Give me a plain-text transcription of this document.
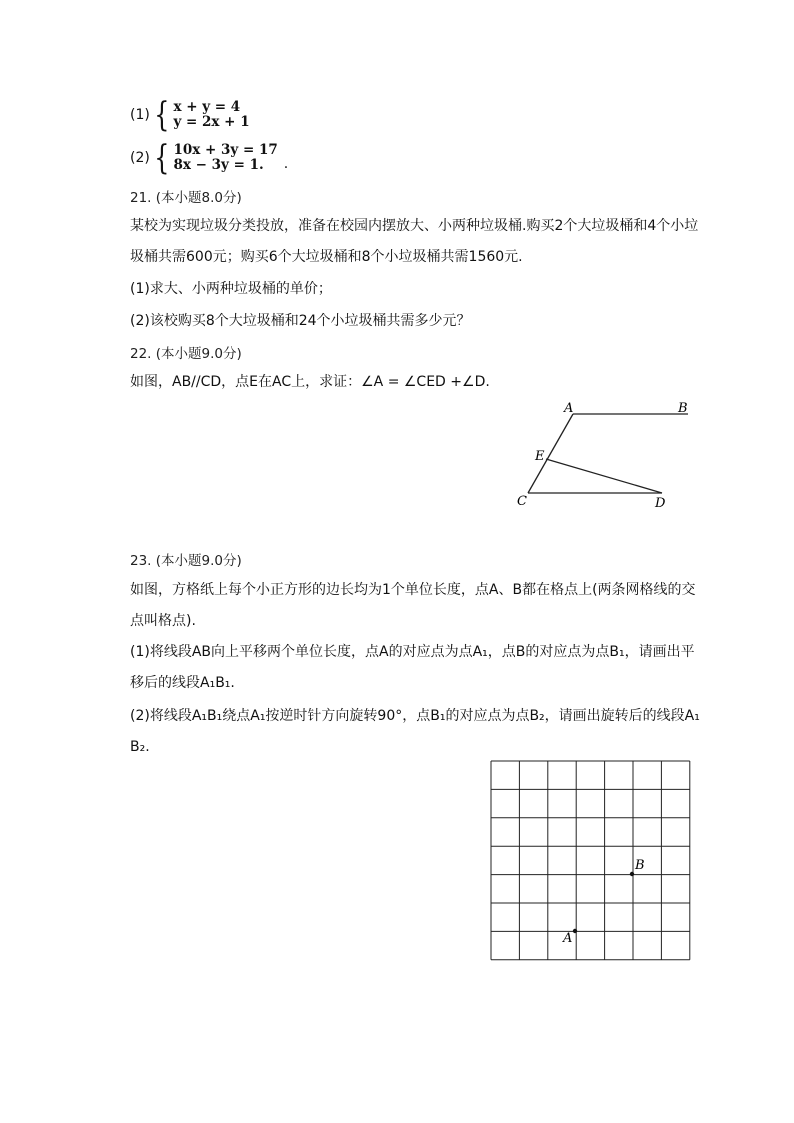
(1) { x + y = 4
y = 2x + 1
(2) { 10x + 3y = 17
8x − 3y = 1.	.
21. (本小题8.0分)
某校为实现垃圾分类投放，准备在校园内摆放大、小两种垃圾桶.购买2个大垃圾桶和4个小垃
圾桶共需600元；购买6个大垃圾桶和8个小垃圾桶共需1560元.
(1)求大、小两种垃圾桶的单价；
(2)该校购买8个大垃圾桶和24个小垃圾桶共需多少元？
22. (本小题9.0分)
如图，AB//CD，点E在AC上，求证：∠A = ∠CED +∠D.
A	B
E
C	D
23. (本小题9.0分)
如图，方格纸上每个小正方形的边长均为1个单位长度，点A、B都在格点上(两条网格线的交
点叫格点).
(1)将线段AB向上平移两个单位长度，点A的对应点为点A₁，点B的对应点为点B₁，请画出平
移后的线段A₁B₁.
(2)将线段A₁B₁绕点A₁按逆时针方向旋转90°，点B₁的对应点为点B₂，请画出旋转后的线段A₁
B₂.
B
A
